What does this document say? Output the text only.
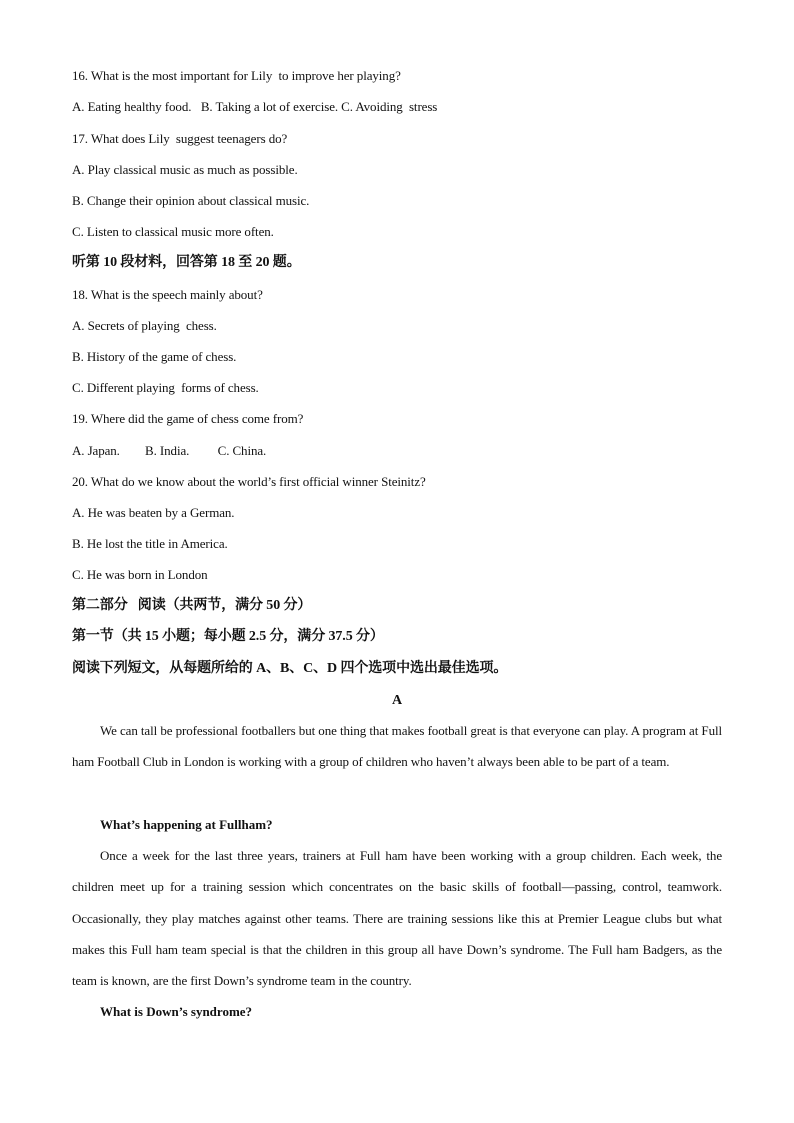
16. What is the most important for Lily  to improve her playing?
A. Eating healthy food.   B. Taking a lot of exercise. C. Avoiding  stress
17. What does Lily  suggest teenagers do?
A. Play classical music as much as possible.
B. Change their opinion about classical music.
C. Listen to classical music more often.
听第 10 段材料，回答第 18 至 20 题。
18. What is the speech mainly about?
A. Secrets of playing  chess.
B. History of the game of chess.
C. Different playing  forms of chess.
19. Where did the game of chess come from?
A. Japan.        B. India.         C. China.
20. What do we know about the world’s first official winner Steinitz?
A. He was beaten by a German.
B. He lost the title in America.
C. He was born in London
第二部分   阅读（共两节，满分 50 分）
第一节（共 15 小题；每小题 2.5 分，满分 37.5 分）
阅读下列短文，从每题所给的 A、B、C、D 四个选项中选出最佳选项。
A

We can tall be professional footballers but one thing that makes football great is that everyone can play. A program at Full ham Football Club in London is working with a group of children who haven’t always been able to be part of a team.

What’s happening at Fullham?

Once a week for the last three years, trainers at Full ham have been working with a group children. Each week, the children meet up for a training session which concentrates on the basic skills of football—passing, control, teamwork. Occasionally, they play matches against other teams. There are training sessions like this at Premier League clubs but what makes this Full ham team special is that the children in this group all have Down’s syndrome. The Full ham Badgers, as the team is known, are the first Down’s syndrome team in the country.

What is Down’s syndrome?
